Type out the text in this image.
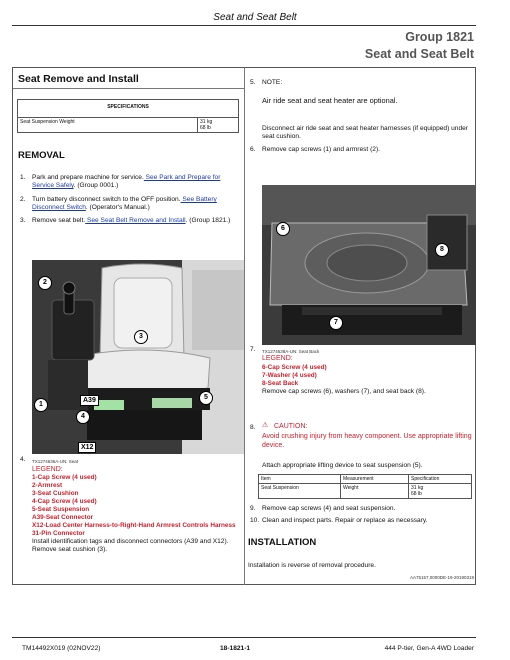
Seat and Seat Belt
Group 1821
Seat and Seat Belt
Seat Remove and Install
SPECIFICATIONS
Seat Suspension Weight	31 kg
68 lb
REMOVAL
1. Park and prepare machine for service. See Park and Prepare for Service Safely. (Group 0001.)
2. Turn battery disconnect switch to the OFF position. See Battery Disconnect Switch. (Operator's Manual.)
3. Remove seat belt. See Seat Belt Remove and Install. (Group 1821.)
2
3
4
5
1
A39
X12
4. TX1274636A-UN: Seat
LEGEND:
1-Cap Screw (4 used)
2-Armrest
3-Seat Cushion
4-Cap Screw (4 used)
5-Seat Suspension
A39-Seat Connector
X12-Load Center Harness-to-Right-Hand Armrest Controls Harness 31-Pin Connector
Install identification tags and disconnect connectors (A39 and X12). Remove seat cushion (3).
5. NOTE:
Air ride seat and seat heater are optional.
Disconnect air ride seat and seat heater harnesses (if equipped) under seat cushion.
6. Remove cap screws (1) and armrest (2).
6
8
7
7. TX1274638A-UN: Seat Back
LEGEND:
6-Cap Screw (4 used)
7-Washer (4 used)
8-Seat Back
Remove cap screws (6), washers (7), and seat back (8).
8. ⚠ CAUTION:
Avoid crushing injury from heavy component. Use appropriate lifting device.
Attach appropriate lifting device to seat suspension (5).
Item	Measurement	Specification
Seat Suspension	Weight	31 kg
68 lb
9. Remove cap screws (4) and seat suspension.
10. Clean and inspect parts. Repair or replace as necessary.
INSTALLATION
Installation is reverse of removal procedure.
AA75157,0000DE-19-20190319
TM14492X019 (02NOV22)	18-1821-1	444 P-tier, Gen-A 4WD Loader
